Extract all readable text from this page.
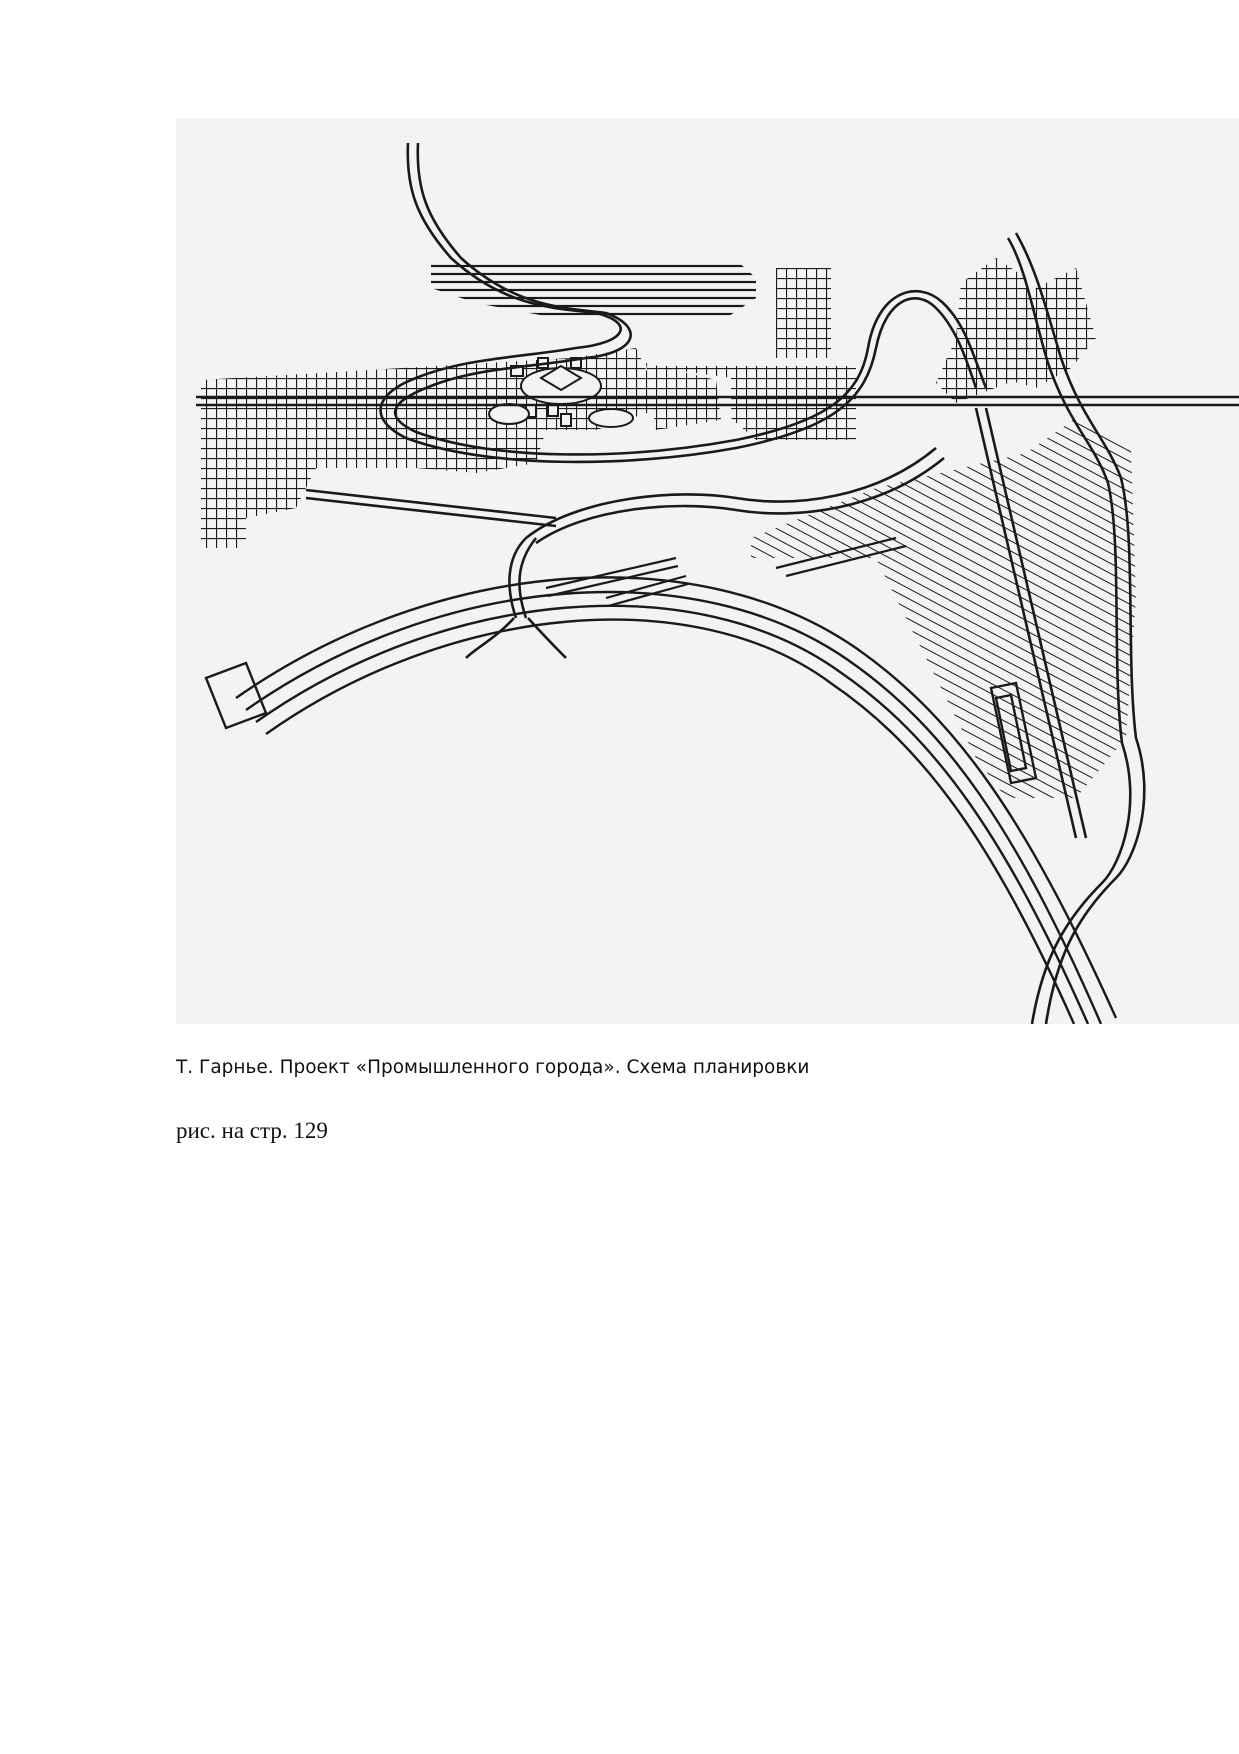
Т. Гарнье. Проект «Промышленного города». Схема планировки
рис. на стр. 129
